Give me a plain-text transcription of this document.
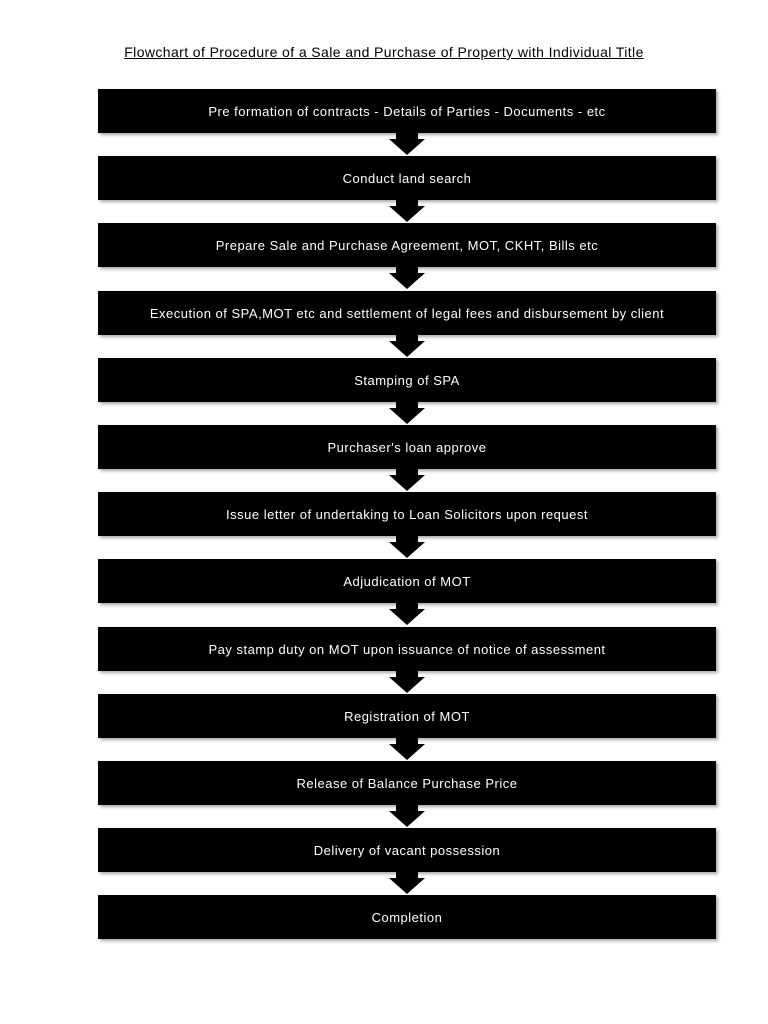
Flowchart of Procedure of a Sale and Purchase of Property with Individual Title
Pre formation of contracts - Details of Parties - Documents - etc
Conduct land search
Prepare Sale and Purchase Agreement, MOT, CKHT, Bills etc
Execution of SPA,MOT etc and settlement of legal fees and disbursement by client
Stamping of SPA
Purchaser's loan approve
Issue letter of undertaking to Loan Solicitors upon request
Adjudication of MOT
Pay stamp duty on MOT upon issuance of notice of assessment
Registration of MOT
Release of Balance Purchase Price
Delivery of vacant possession
Completion
